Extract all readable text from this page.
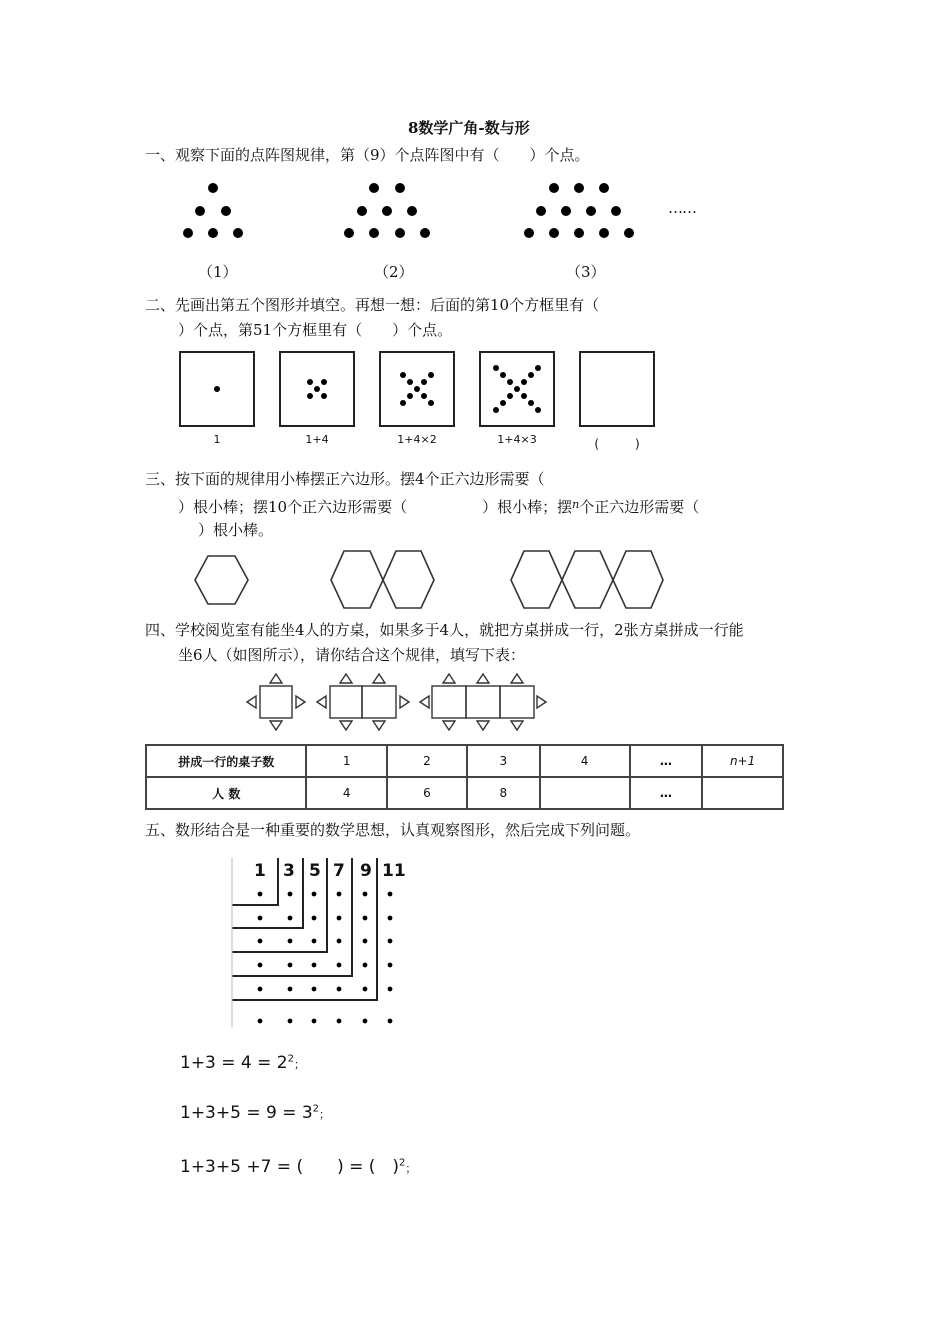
8数学广角-数与形
一、观察下面的点阵图规律，第（9）个点阵图中有（　　）个点。
……
（1）	（2）	（3）
二、先画出第五个图形并填空。再想一想：后面的第10个方框里有（
）个点，第51个方框里有（　　）个点。
1	1+4	1+4×2	1+4×3	(　　　)
三、按下面的规律用小棒摆正六边形。摆4个正六边形需要（
）根小棒；摆10个正六边形需要（　　　　　）根小棒；摆$^n$个正六边形需要（
）根小棒。
四、学校阅览室有能坐4人的方桌，如果多于4人，就把方桌拼成一行，2张方桌拼成一行能
坐6人（如图所示），请你结合这个规律，填写下表：
拼成一行的桌子数	1	2	3	4	…	n+1
人 数	4	6	8		…	
五、数形结合是一种重要的数学思想，认真观察图形，然后完成下列问题。
1 3 5 7 9 11
$1+3 = 4 = 2^2$；
$1+3+5 = 9 = 3^2$；
1+3+5 +7 = (　　) = (　)$^2$；
